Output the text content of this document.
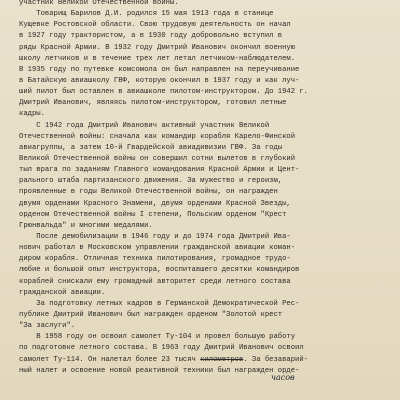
участник Великой Отечественной войны.
Товарищ Барилов Д.И. родился 15 мая 1913 года в станице
Кущевке Ростовской области. Свою трудовую деятельность он начал
в 1927 году трактористом, а в 1930 году добровольно вступил в
ряды Красной Армии. В 1932 году Дмитрий Иванович окончил военную
школу летчиков и в течение трех лет летал летчиком-наблюдателем.
В 1935 году по путевке комсомола он был направлен на переучивание
в Батайскую авиашколу ГВФ, которую окончил в 1937 году и как луч-
ший пилот был оставлен в авиашколе пилотом-инструктором. До 1942 г.
Дмитрий Иванович, являясь пилотом-инструктором, готовил летные
кадры.
С 1942 года Дмитрий Иванович активный участник Великой
Отечественной войны: сначала как командир корабля Карело-Финской
авиагруппы, а затем 10-й Гвардейской авиадивизии ГВФ. За годы
Великой Отечественной войны он совершил сотни вылетов в глубокий
тыл врага по заданиям Главного командования Красной Армии и Цент-
рального штаба партизанского движения. За мужество и героизм,
проявленные в годы Великой Отечественной войны, он награжден
двумя орденами Красного Знамени, двумя орденами Красной Звезды,
орденом Отечественной войны I степени, Польским орденом "Крест
Грюнвальда" и многими медалями.
После демобилизации в 1946 году и до 1974 года Дмитрий Ива-
нович работал в Московском управлении гражданской авиации коман-
диром корабля. Отличная техника пилотирования, громадное трудо-
любие и большой опыт инструктора, воспитавшего десятки командиров
кораблей снискали ему громадный авторитет среди летного состава
гражданской авиации.
За подготовку летных кадров в Германской Демократической Рес-
публике Дмитрий Иванович был награжден орденом "Золотой крест
"За заслуги".
В 1958 году он освоил самолет Ту-104 и провел большую работу
по подготовке летного состава. В 1963 году Дмитрий Иванович освоил
самолет Ту-114. Он налетал более 23 тысяч километров. За безаварий-
ный налет и освоение новой реактивной техники был награжден орде-
часов
